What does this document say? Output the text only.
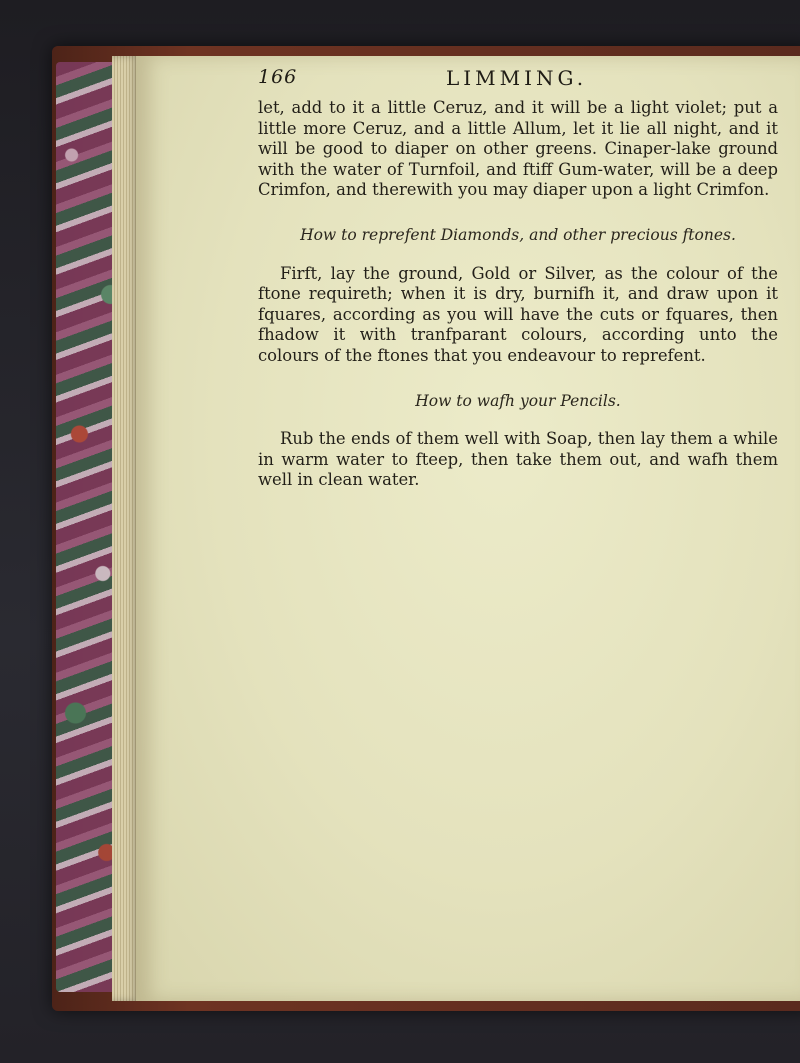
166	LIMMING.

let, add to it a little Ceruz, and it will be a light violet; put a little more Ceruz, and a little Allum, let it lie all night, and it will be good to diaper on other greens. Cinaper-lake ground with the water of Turnfoil, and ftiff Gum-water, will be a deep Crimfon, and therewith you may diaper upon a light Crimfon.

How to reprefent Diamonds, and other precious ftones.

Firft, lay the ground, Gold or Silver, as the colour of the ftone requireth; when it is dry, burnifh it, and draw upon it fquares, according as you will have the cuts or fquares, then fhadow it with tranfparant colours, according unto the colours of the ftones that you endeavour to reprefent.

How to wafh your Pencils.

Rub the ends of them well with Soap, then lay them a while in warm water to fteep, then take them out, and wafh them well in clean water.
